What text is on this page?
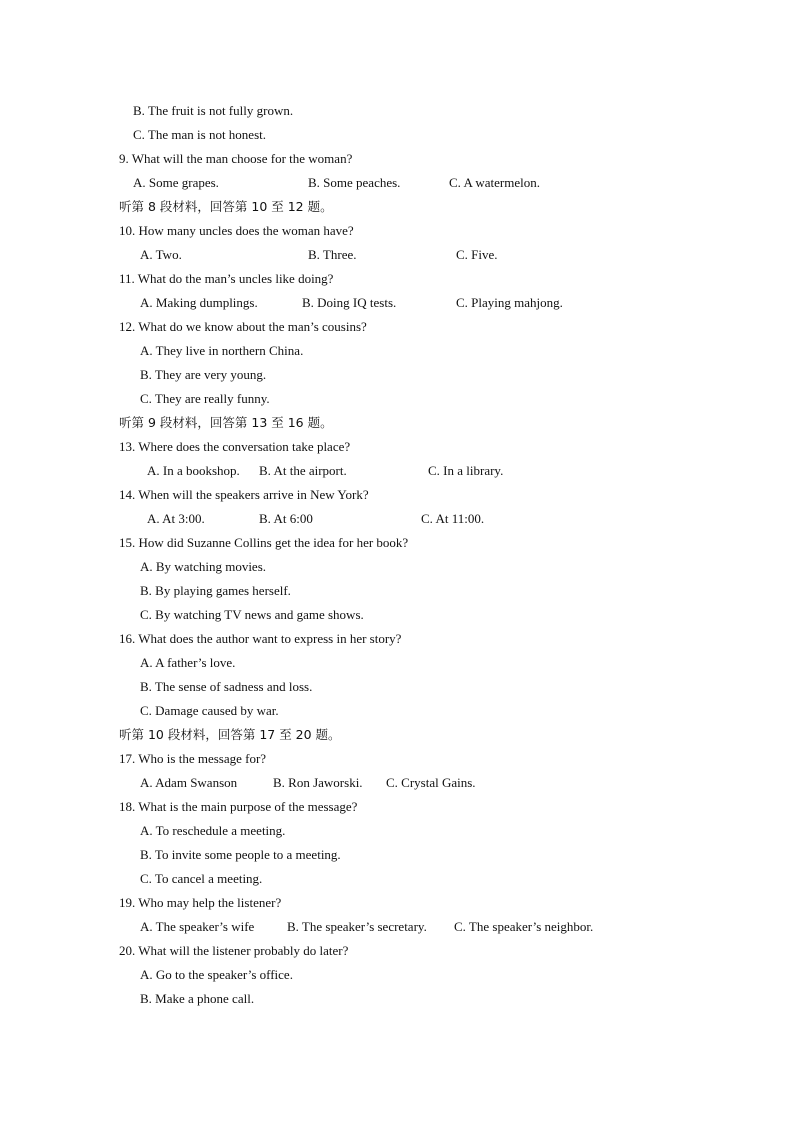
B. The fruit is not fully grown.
C. The man is not honest.
9. What will the man choose for the woman?
A. Some grapes.	B. Some peaches.	C. A watermelon.
听第 8 段材料，回答第 10 至 12 题。
10. How many uncles does the woman have?
A. Two.	B. Three.	C. Five.
11. What do the man’s uncles like doing?
A. Making dumplings.	B. Doing IQ tests.	C. Playing mahjong.
12. What do we know about the man’s cousins?
A. They live in northern China.
B. They are very young.
C. They are really funny.
听第 9 段材料，回答第 13 至 16 题。
13. Where does the conversation take place?
A. In a bookshop. B. At the airport.	C. In a library.
14. When will the speakers arrive in New York?
A. At 3:00.	B. At 6:00	C. At 11:00.
15. How did Suzanne Collins get the idea for her book?
A. By watching movies.
B. By playing games herself.
C. By watching TV news and game shows.
16. What does the author want to express in her story?
A. A father’s love.
B. The sense of sadness and loss.
C. Damage caused by war.
听第 10 段材料，回答第 17 至 20 题。
17. Who is the message for?
A. Adam Swanson	B. Ron Jaworski. C. Crystal Gains.
18. What is the main purpose of the message?
A. To reschedule a meeting.
B. To invite some people to a meeting.
C. To cancel a meeting.
19. Who may help the listener?
A. The speaker’s wife	B. The speaker’s secretary. C. The speaker’s neighbor.
20. What will the listener probably do later?
A. Go to the speaker’s office.
B. Make a phone call.
